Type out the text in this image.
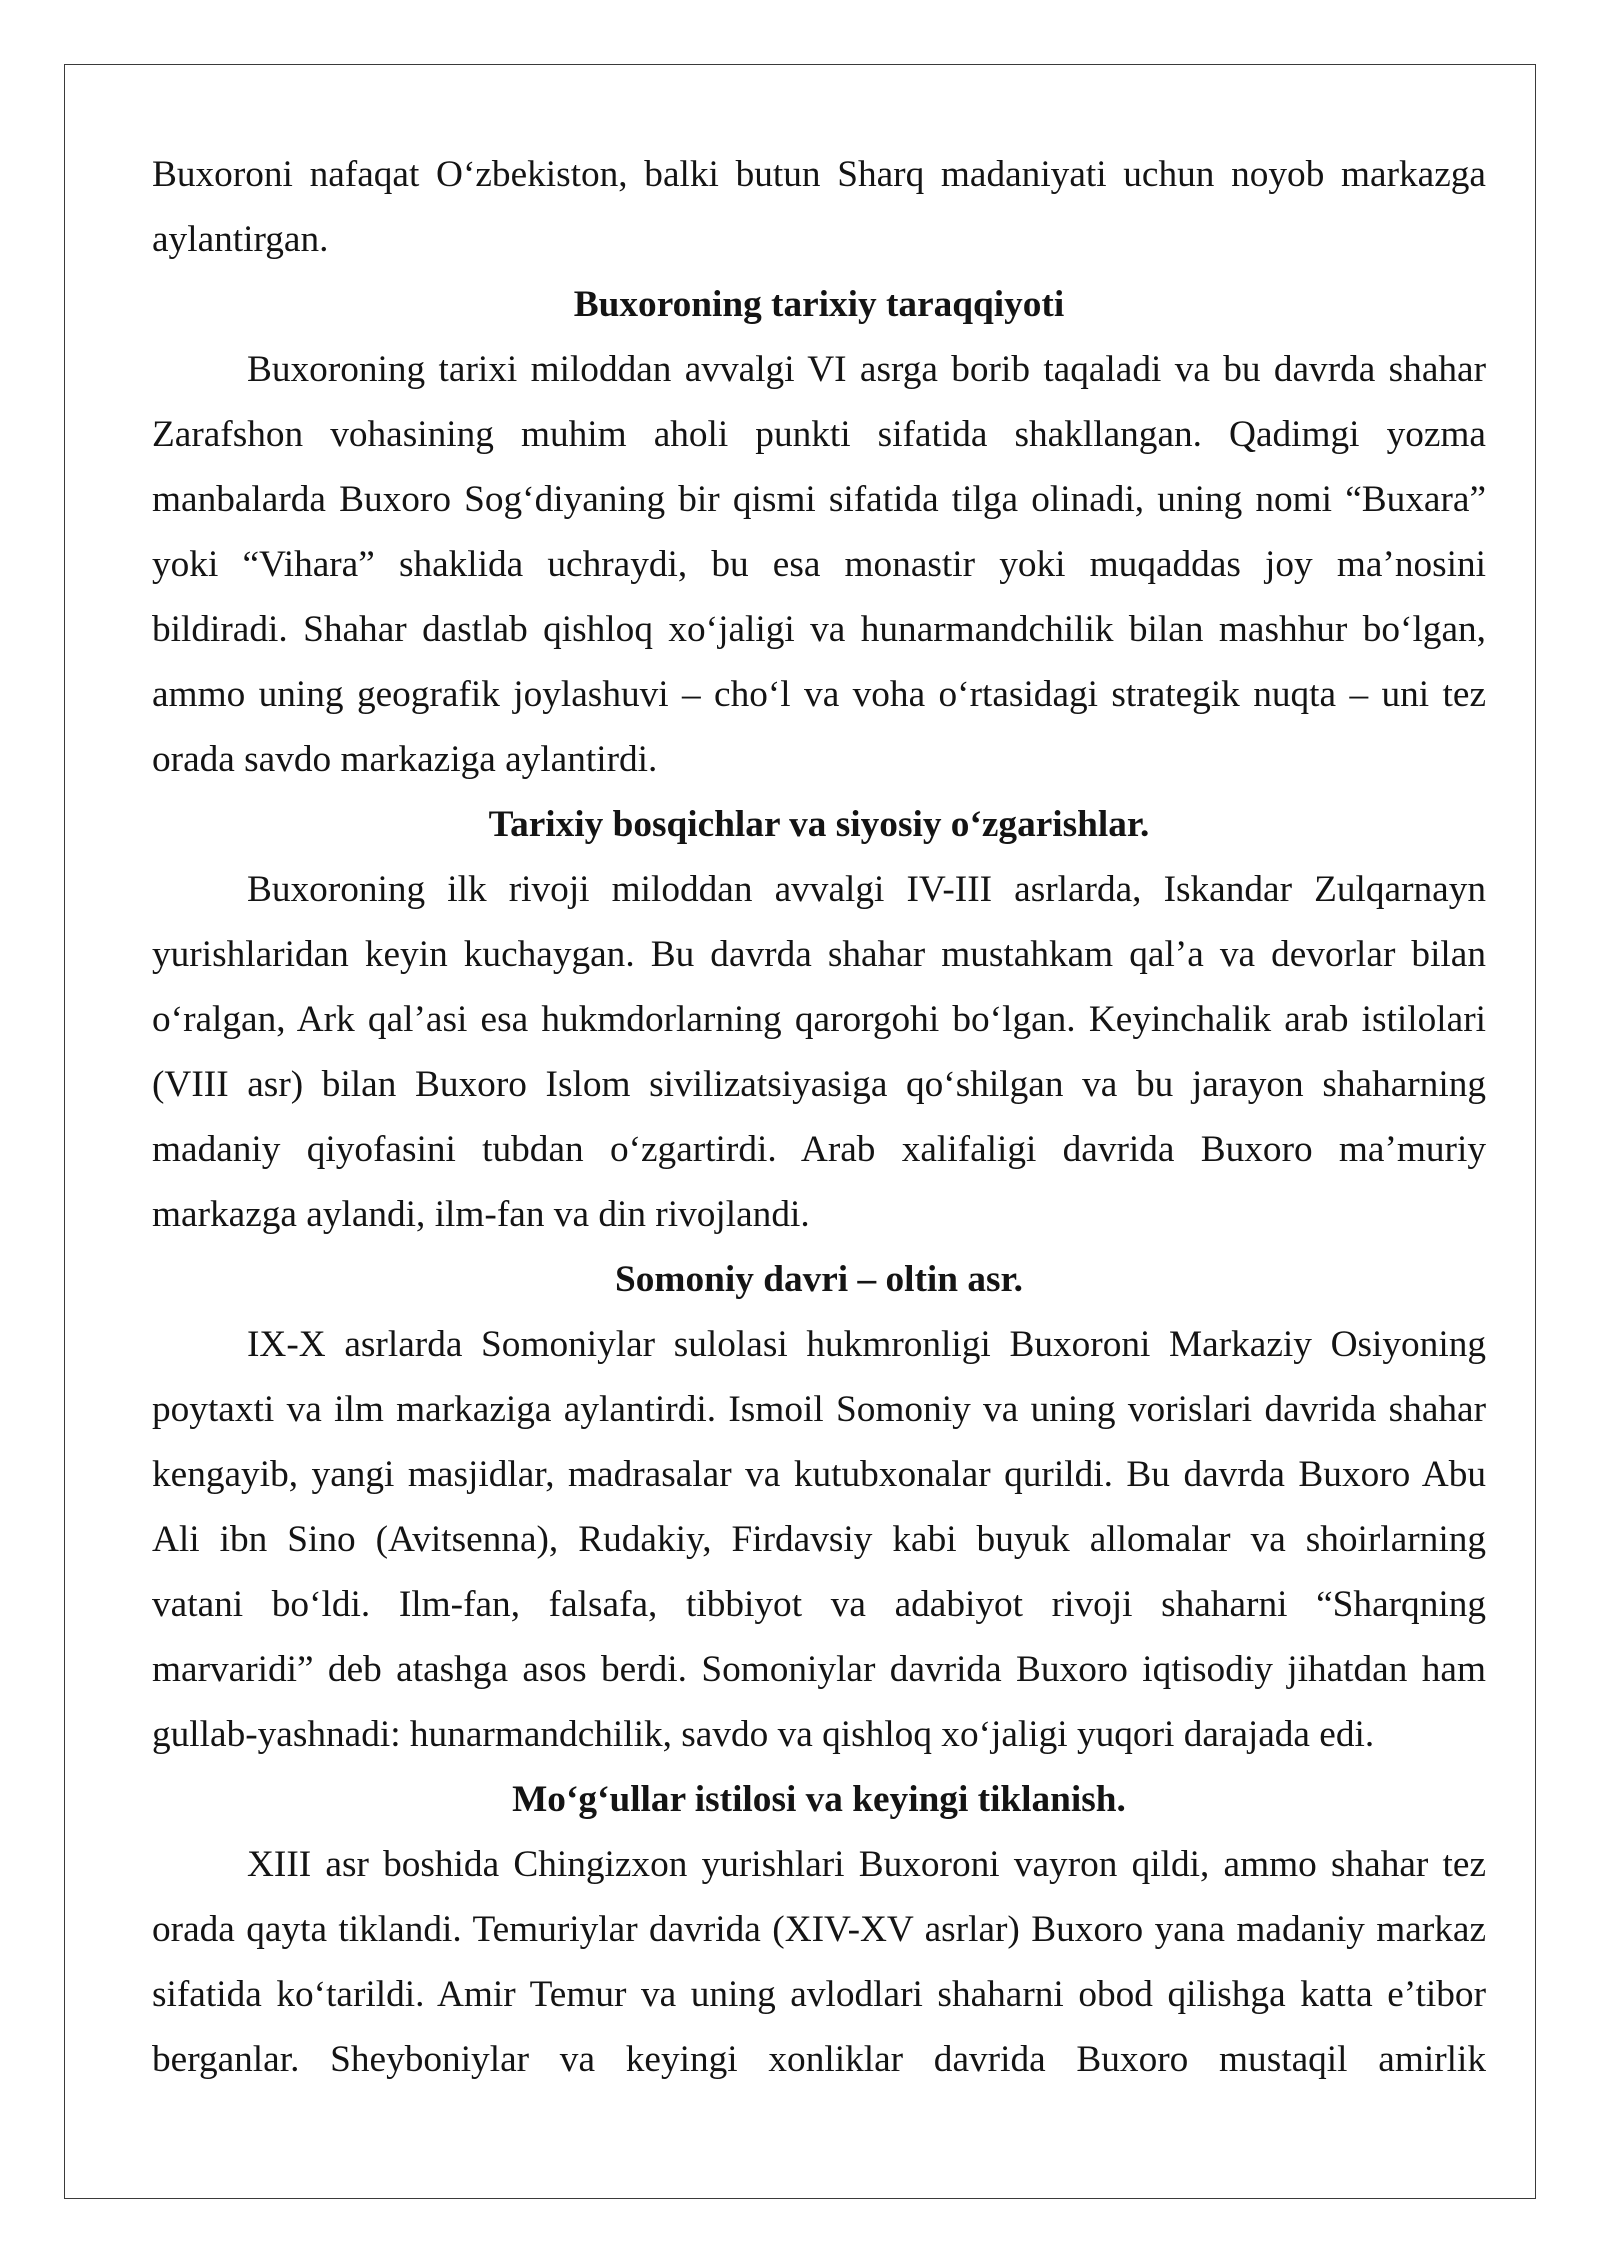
Buxoroni nafaqat O‘zbekiston, balki butun Sharq madaniyati uchun noyob markazga
aylantirgan.
Buxoroning tarixiy taraqqiyoti
Buxoroning tarixi miloddan avvalgi VI asrga borib taqaladi va bu davrda shahar
Zarafshon vohasining muhim aholi punkti sifatida shakllangan. Qadimgi yozma
manbalarda Buxoro Sog‘diyaning bir qismi sifatida tilga olinadi, uning nomi “Buxara”
yoki “Vihara” shaklida uchraydi, bu esa monastir yoki muqaddas joy ma’nosini
bildiradi. Shahar dastlab qishloq xo‘jaligi va hunarmandchilik bilan mashhur bo‘lgan,
ammo uning geografik joylashuvi – cho‘l va voha o‘rtasidagi strategik nuqta – uni tez
orada savdo markaziga aylantirdi.
Tarixiy bosqichlar va siyosiy o‘zgarishlar.
Buxoroning ilk rivoji miloddan avvalgi IV-III asrlarda, Iskandar Zulqarnayn
yurishlaridan keyin kuchaygan. Bu davrda shahar mustahkam qal’a va devorlar bilan
o‘ralgan, Ark qal’asi esa hukmdorlarning qarorgohi bo‘lgan. Keyinchalik arab istilolari
(VIII asr) bilan Buxoro Islom sivilizatsiyasiga qo‘shilgan va bu jarayon shaharning
madaniy qiyofasini tubdan o‘zgartirdi. Arab xalifaligi davrida Buxoro ma’muriy
markazga aylandi, ilm-fan va din rivojlandi.
Somoniy davri – oltin asr.
IX-X asrlarda Somoniylar sulolasi hukmronligi Buxoroni Markaziy Osiyoning
poytaxti va ilm markaziga aylantirdi. Ismoil Somoniy va uning vorislari davrida shahar
kengayib, yangi masjidlar, madrasalar va kutubxonalar qurildi. Bu davrda Buxoro Abu
Ali ibn Sino (Avitsenna), Rudakiy, Firdavsiy kabi buyuk allomalar va shoirlarning
vatani bo‘ldi. Ilm-fan, falsafa, tibbiyot va adabiyot rivoji shaharni “Sharqning
marvaridi” deb atashga asos berdi. Somoniylar davrida Buxoro iqtisodiy jihatdan ham
gullab-yashnadi: hunarmandchilik, savdo va qishloq xo‘jaligi yuqori darajada edi.
Mo‘g‘ullar istilosi va keyingi tiklanish.
XIII asr boshida Chingizxon yurishlari Buxoroni vayron qildi, ammo shahar tez
orada qayta tiklandi. Temuriylar davrida (XIV-XV asrlar) Buxoro yana madaniy markaz
sifatida ko‘tarildi. Amir Temur va uning avlodlari shaharni obod qilishga katta e’tibor
berganlar. Sheyboniylar va keyingi xonliklar davrida Buxoro mustaqil amirlik
